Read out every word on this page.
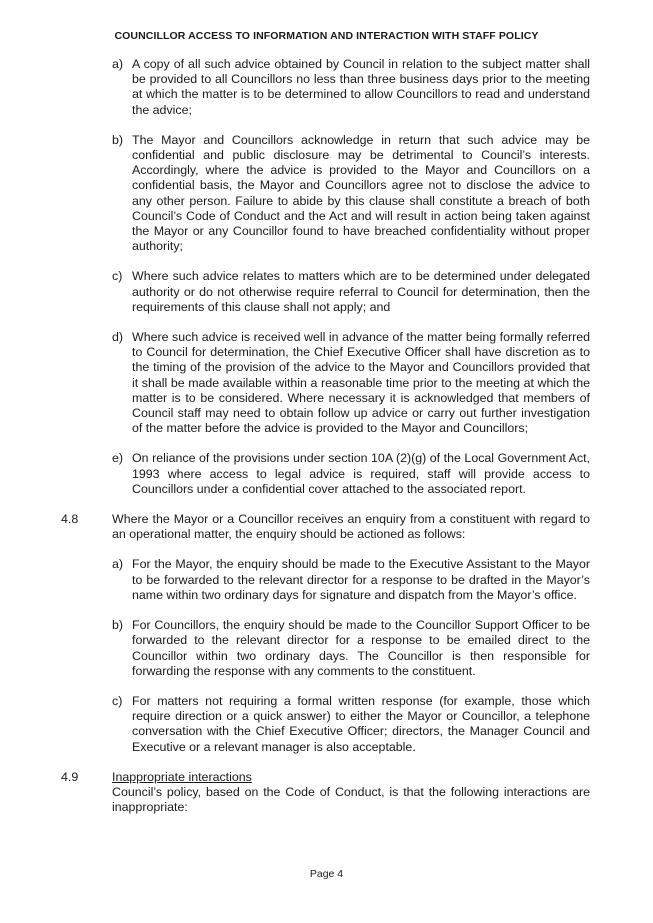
COUNCILLOR ACCESS TO INFORMATION AND INTERACTION WITH STAFF POLICY
a) A copy of all such advice obtained by Council in relation to the subject matter shall be provided to all Councillors no less than three business days prior to the meeting at which the matter is to be determined to allow Councillors to read and understand the advice;
b) The Mayor and Councillors acknowledge in return that such advice may be confidential and public disclosure may be detrimental to Council’s interests. Accordingly, where the advice is provided to the Mayor and Councillors on a confidential basis, the Mayor and Councillors agree not to disclose the advice to any other person. Failure to abide by this clause shall constitute a breach of both Council’s Code of Conduct and the Act and will result in action being taken against the Mayor or any Councillor found to have breached confidentiality without proper authority;
c) Where such advice relates to matters which are to be determined under delegated authority or do not otherwise require referral to Council for determination, then the requirements of this clause shall not apply; and
d) Where such advice is received well in advance of the matter being formally referred to Council for determination, the Chief Executive Officer shall have discretion as to the timing of the provision of the advice to the Mayor and Councillors provided that it shall be made available within a reasonable time prior to the meeting at which the matter is to be considered. Where necessary it is acknowledged that members of Council staff may need to obtain follow up advice or carry out further investigation of the matter before the advice is provided to the Mayor and Councillors;
e) On reliance of the provisions under section 10A (2)(g) of the Local Government Act, 1993 where access to legal advice is required, staff will provide access to Councillors under a confidential cover attached to the associated report.
4.8	Where the Mayor or a Councillor receives an enquiry from a constituent with regard to an operational matter, the enquiry should be actioned as follows:
a) For the Mayor, the enquiry should be made to the Executive Assistant to the Mayor to be forwarded to the relevant director for a response to be drafted in the Mayor’s name within two ordinary days for signature and dispatch from the Mayor’s office.
b) For Councillors, the enquiry should be made to the Councillor Support Officer to be forwarded to the relevant director for a response to be emailed direct to the Councillor within two ordinary days. The Councillor is then responsible for forwarding the response with any comments to the constituent.
c) For matters not requiring a formal written response (for example, those which require direction or a quick answer) to either the Mayor or Councillor, a telephone conversation with the Chief Executive Officer; directors, the Manager Council and Executive or a relevant manager is also acceptable.
4.9	Inappropriate interactions
Council’s policy, based on the Code of Conduct, is that the following interactions are inappropriate:
Page 4
